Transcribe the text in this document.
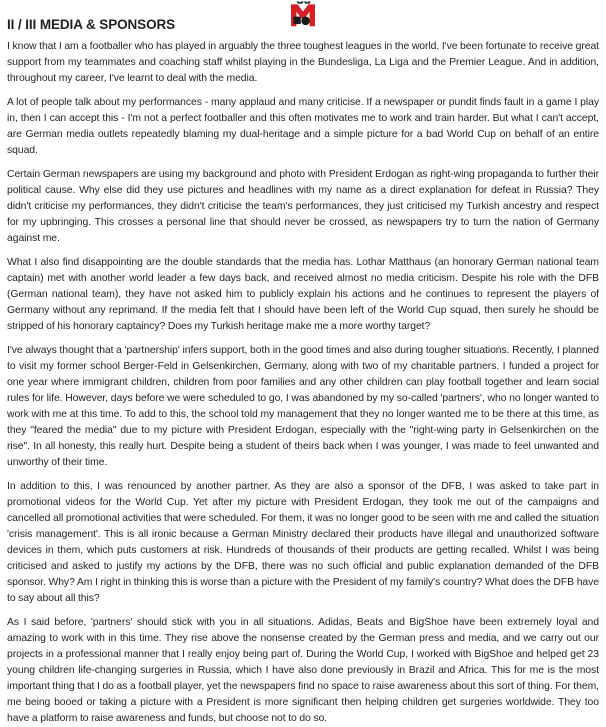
II / III MEDIA & SPONSORS

I know that I am a footballer who has played in arguably the three toughest leagues in the world. I've been fortunate to receive great support from my teammates and coaching staff whilst playing in the Bundesliga, La Liga and the Premier League. And in addition, throughout my career, I've learnt to deal with the media.

A lot of people talk about my performances - many applaud and many criticise. If a newspaper or pundit finds fault in a game I play in, then I can accept this - I'm not a perfect footballer and this often motivates me to work and train harder. But what I can't accept, are German media outlets repeatedly blaming my dual-heritage and a simple picture for a bad World Cup on behalf of an entire squad.

Certain German newspapers are using my background and photo with President Erdogan as right-wing propaganda to further their political cause. Why else did they use pictures and headlines with my name as a direct explanation for defeat in Russia? They didn't criticise my performances, they didn't criticise the team's performances, they just criticised my Turkish ancestry and respect for my upbringing. This crosses a personal line that should never be crossed, as newspapers try to turn the nation of Germany against me.

What I also find disappointing are the double standards that the media has. Lothar Matthaus (an honorary German national team captain) met with another world leader a few days back, and received almost no media criticism. Despite his role with the DFB (German national team), they have not asked him to publicly explain his actions and he continues to represent the players of Germany without any reprimand. If the media felt that I should have been left of the World Cup squad, then surely he should be stripped of his honorary captaincy? Does my Turkish heritage make me a more worthy target?

I've always thought that a 'partnership' infers support, both in the good times and also during tougher situations. Recently, I planned to visit my former school Berger-Feld in Gelsenkirchen, Germany, along with two of my charitable partners. I funded a project for one year where immigrant children, children from poor families and any other children can play football together and learn social rules for life. However, days before we were scheduled to go, I was abandoned by my so-called 'partners', who no longer wanted to work with me at this time. To add to this, the school told my management that they no longer wanted me to be there at this time, as they "feared the media" due to my picture with President Erdogan, especially with the "right-wing party in Gelsenkirchen on the rise". In all honesty, this really hurt. Despite being a student of theirs back when I was younger, I was made to feel unwanted and unworthy of their time.

In addition to this, I was renounced by another partner. As they are also a sponsor of the DFB, I was asked to take part in promotional videos for the World Cup. Yet after my picture with President Erdogan, they took me out of the campaigns and cancelled all promotional activities that were scheduled. For them, it was no longer good to be seen with me and called the situation 'crisis management'. This is all ironic because a German Ministry declared their products have illegal and unauthorized software devices in them, which puts customers at risk. Hundreds of thousands of their products are getting recalled. Whilst I was being criticised and asked to justify my actions by the DFB, there was no such official and public explanation demanded of the DFB sponsor. Why? Am I right in thinking this is worse than a picture with the President of my family's country? What does the DFB have to say about all this?

As I said before, 'partners' should stick with you in all situations. Adidas, Beats and BigShoe have been extremely loyal and amazing to work with in this time. They rise above the nonsense created by the German press and media, and we carry out our projects in a professional manner that I really enjoy being part of. During the World Cup, I worked with BigShoe and helped get 23 young children life-changing surgeries in Russia, which I have also done previously in Brazil and Africa. This for me is the most important thing that I do as a football player, yet the newspapers find no space to raise awareness about this sort of thing. For them, me being booed or taking a picture with a President is more significant then helping children get surgeries worldwide. They too have a platform to raise awareness and funds, but choose not to do so.
